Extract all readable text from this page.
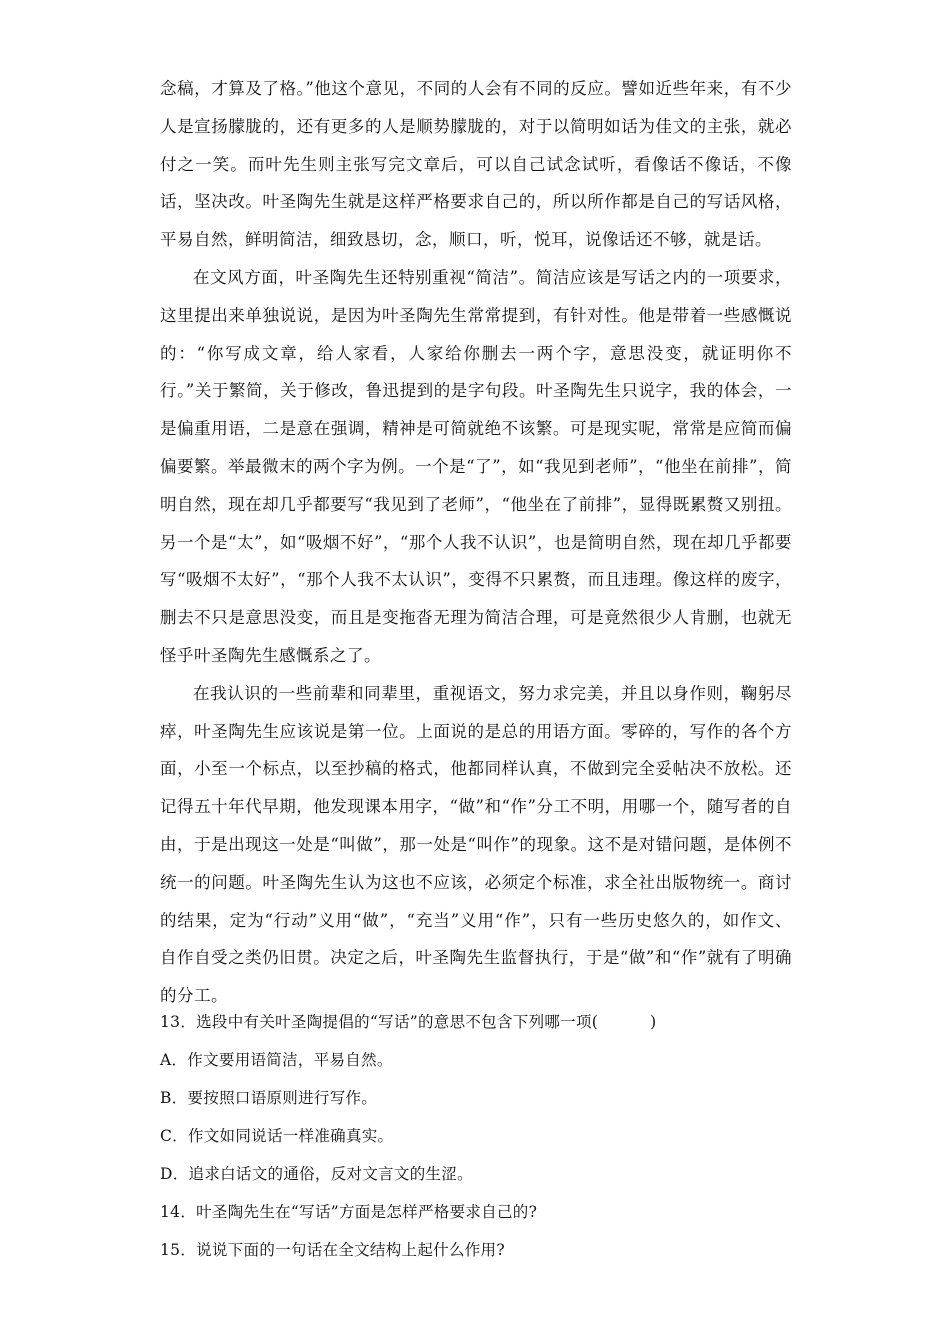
念稿，才算及了格。”他这个意见，不同的人会有不同的反应。譬如近些年来，有不少人是宣扬朦胧的，还有更多的人是顺势朦胧的，对于以简明如话为佳文的主张，就必付之一笑。而叶先生则主张写完文章后，可以自己试念试听，看像话不像话，不像话，坚决改。叶圣陶先生就是这样严格要求自己的，所以所作都是自己的写话风格，平易自然，鲜明简洁，细致恳切，念，顺口，听，悦耳，说像话还不够，就是话。

在文风方面，叶圣陶先生还特别重视“简洁”。简洁应该是写话之内的一项要求，这里提出来单独说说，是因为叶圣陶先生常常提到，有针对性。他是带着一些感慨说的：“你写成文章，给人家看，人家给你删去一两个字，意思没变，就证明你不行。”关于繁简，关于修改，鲁迅提到的是字句段。叶圣陶先生只说字，我的体会，一是偏重用语，二是意在强调，精神是可简就绝不该繁。可是现实呢，常常是应简而偏偏要繁。举最微末的两个字为例。一个是“了”，如“我见到老师”，“他坐在前排”，简明自然，现在却几乎都要写“我见到了老师”，“他坐在了前排”，显得既累赘又别扭。另一个是“太”，如“吸烟不好”，“那个人我不认识”，也是简明自然，现在却几乎都要写“吸烟不太好”，“那个人我不太认识”，变得不只累赘，而且违理。像这样的废字，删去不只是意思没变，而且是变拖沓无理为简洁合理，可是竟然很少人肯删，也就无怪乎叶圣陶先生感慨系之了。

在我认识的一些前辈和同辈里，重视语文，努力求完美，并且以身作则，鞠躬尽瘁，叶圣陶先生应该说是第一位。上面说的是总的用语方面。零碎的，写作的各个方面，小至一个标点，以至抄稿的格式，他都同样认真，不做到完全妥帖决不放松。还记得五十年代早期，他发现课本用字，“做”和“作”分工不明，用哪一个，随写者的自由，于是出现这一处是“叫做”，那一处是“叫作”的现象。这不是对错问题，是体例不统一的问题。叶圣陶先生认为这也不应该，必须定个标准，求全社出版物统一。商讨的结果，定为“行动”义用“做”，“充当”义用“作”，只有一些历史悠久的，如作文、自作自受之类仍旧贯。决定之后，叶圣陶先生监督执行，于是“做”和“作”就有了明确的分工。

13．选段中有关叶圣陶提倡的“写话”的意思不包含下列哪一项(	)
A．作文要用语简洁，平易自然。
B．要按照口语原则进行写作。
C．作文如同说话一样准确真实。
D．追求白话文的通俗，反对文言文的生涩。
14．叶圣陶先生在“写话”方面是怎样严格要求自己的?
15．说说下面的一句话在全文结构上起什么作用?
